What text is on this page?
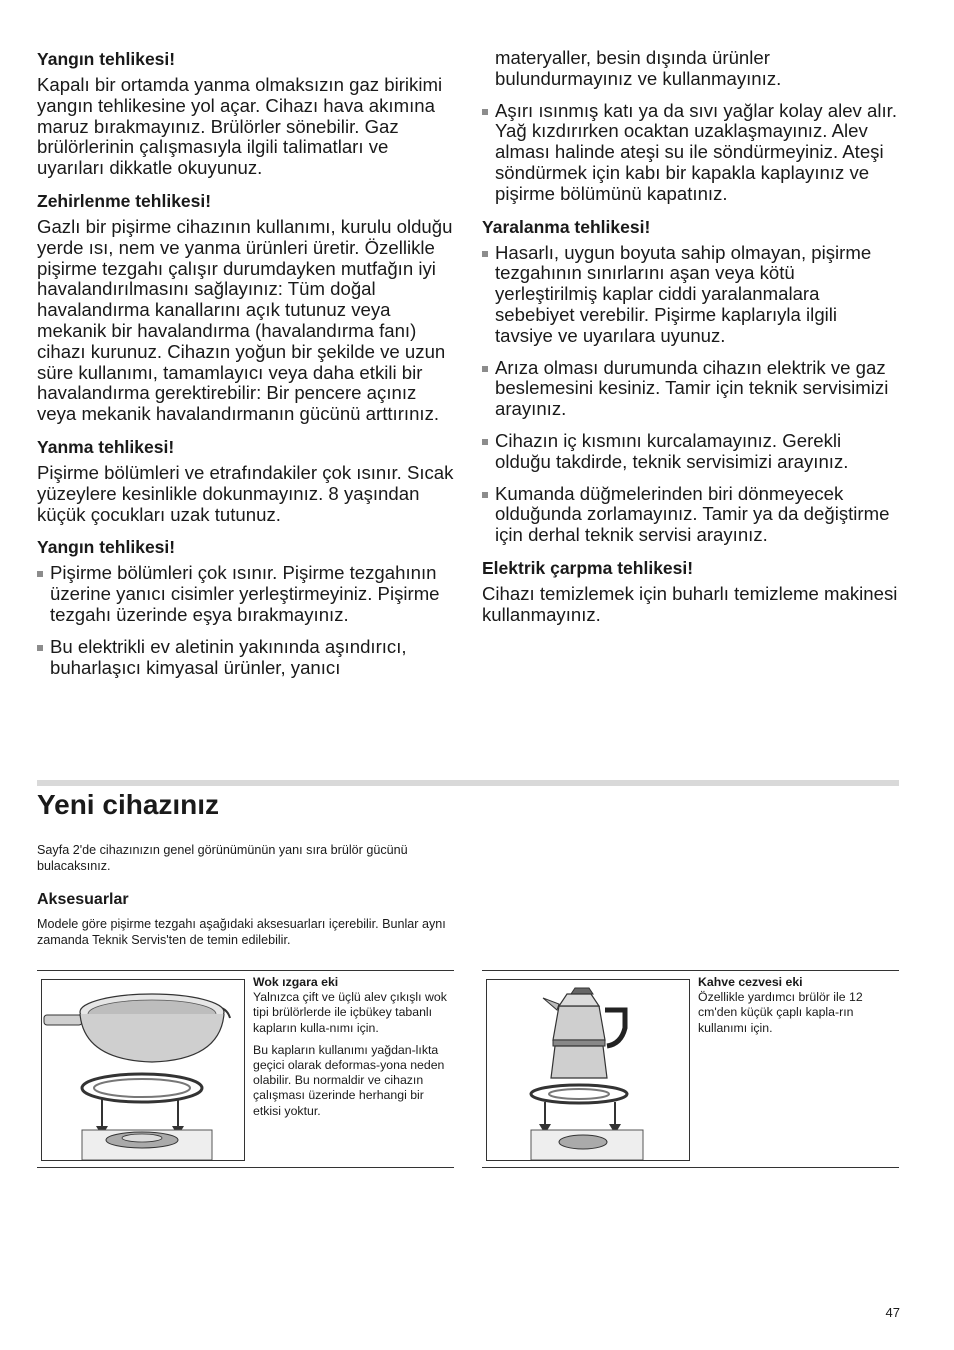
Yangın tehlikesi!

Kapalı bir ortamda yanma olmaksızın gaz birikimi yangın tehlikesine yol açar. Cihazı hava akımına maruz bırakmayınız. Brülörler sönebilir. Gaz brülörlerinin çalışmasıyla ilgili talimatları ve uyarıları dikkatle okuyunuz.

Zehirlenme tehlikesi!

Gazlı bir pişirme cihazının kullanımı, kurulu olduğu yerde ısı, nem ve yanma ürünleri üretir. Özellikle pişirme tezgahı çalışır durumdayken mutfağın iyi havalandırılmasını sağlayınız: Tüm doğal havalandırma kanallarını açık tutunuz veya mekanik bir havalandırma (havalandırma fanı) cihazı kurunuz. Cihazın yoğun bir şekilde ve uzun süre kullanımı, tamamlayıcı veya daha etkili bir havalandırma gerektirebilir: Bir pencere açınız veya mekanik havalandırmanın gücünü arttırınız.

Yanma tehlikesi!

Pişirme bölümleri ve etrafındakiler çok ısınır. Sıcak yüzeylere kesinlikle dokunmayınız. 8 yaşından küçük çocukları uzak tutunuz.

Yangın tehlikesi!
Pişirme bölümleri çok ısınır. Pişirme tezgahının üzerine yanıcı cisimler yerleştirmeyiniz. Pişirme tezgahı üzerinde eşya bırakmayınız.
Bu elektrikli ev aletinin yakınında aşındırıcı, buharlaşıcı kimyasal ürünler, yanıcı

materyaller, besin dışında ürünler bulundurmayınız ve kullanmayınız.

Aşırı ısınmış katı ya da sıvı yağlar kolay alev alır. Yağ kızdırırken ocaktan uzaklaşmayınız. Alev alması halinde ateşi su ile söndürmeyiniz. Ateşi söndürmek için kabı bir kapakla kaplayınız ve pişirme bölümünü kapatınız.
Yaralanma tehlikesi!
Hasarlı, uygun boyuta sahip olmayan, pişirme tezgahının sınırlarını aşan veya kötü yerleştirilmiş kaplar ciddi yaralanmalara sebebiyet verebilir. Pişirme kaplarıyla ilgili tavsiye ve uyarılara uyunuz.
Arıza olması durumunda cihazın elektrik ve gaz beslemesini kesiniz. Tamir için teknik servisimizi arayınız.
Cihazın iç kısmını kurcalamayınız. Gerekli olduğu takdirde, teknik servisimizi arayınız.
Kumanda düğmelerinden biri dönmeyecek olduğunda zorlamayınız. Tamir ya da değiştirme için derhal teknik servisi arayınız.
Elektrik çarpma tehlikesi!

Cihazı temizlemek için buharlı temizleme makinesi kullanmayınız.

Yeni cihazınız

Sayfa 2'de cihazınızın genel görünümünün yanı sıra brülör gücünü bulacaksınız.

Aksesuarlar

Modele göre pişirme tezgahı aşağıdaki aksesuarları içerebilir. Bunlar aynı zamanda Teknik Servis'ten de temin edilebilir.

Wok ızgara eki

Yalnızca çift ve üçlü alev çıkışlı wok tipi brülörlerde ile içbükey tabanlı kapların kulla-nımı için.

Bu kapların kullanımı yağdan-lıkta geçici olarak deformas-yona neden olabilir. Bu normaldir ve cihazın çalışması üzerinde herhangi bir etkisi yoktur.

Kahve cezvesi eki

Özellikle yardımcı brülör ile 12 cm'den küçük çaplı kapla-rın kullanımı için.

47
